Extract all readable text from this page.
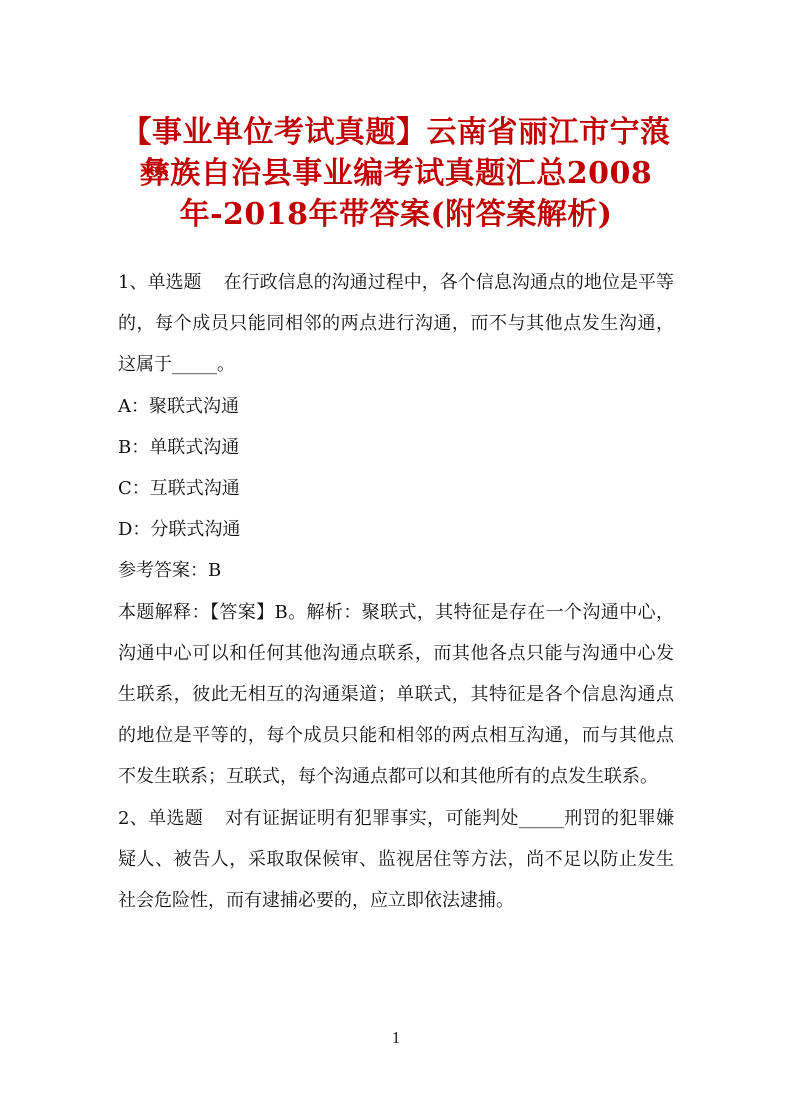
【事业单位考试真题】云南省丽江市宁蒗彝族自治县事业编考试真题汇总2008年-2018年带答案(附答案解析)

1、单选题 在行政信息的沟通过程中，各个信息沟通点的地位是平等的，每个成员只能同相邻的两点进行沟通，而不与其他点发生沟通，这属于_____。

A：聚联式沟通

B：单联式沟通

C：互联式沟通

D：分联式沟通

参考答案：B

本题解释：【答案】B。解析：聚联式，其特征是存在一个沟通中心，沟通中心可以和任何其他沟通点联系，而其他各点只能与沟通中心发生联系，彼此无相互的沟通渠道；单联式，其特征是各个信息沟通点的地位是平等的，每个成员只能和相邻的两点相互沟通，而与其他点不发生联系；互联式，每个沟通点都可以和其他所有的点发生联系。

2、单选题 对有证据证明有犯罪事实，可能判处_____刑罚的犯罪嫌疑人、被告人，采取取保候审、监视居住等方法，尚不足以防止发生社会危险性，而有逮捕必要的，应立即依法逮捕。

1
